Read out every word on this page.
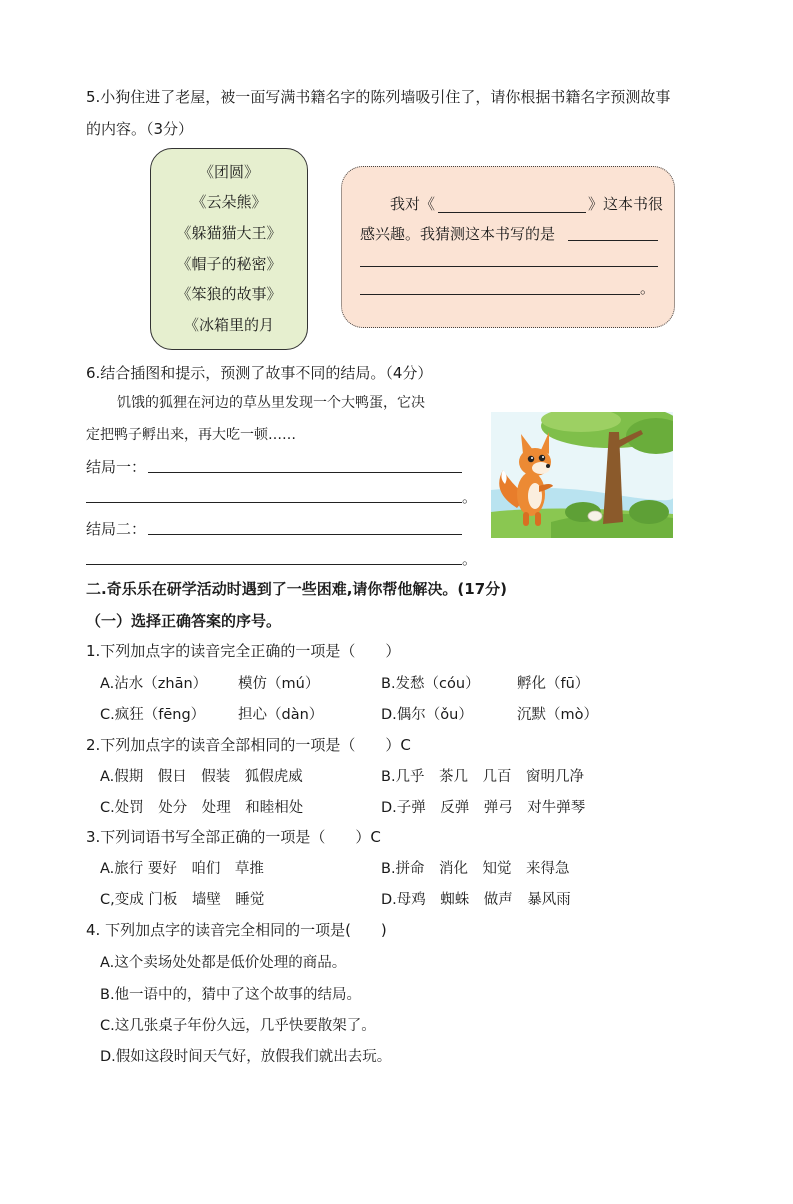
5.小狗住进了老屋，被一面写满书籍名字的陈列墙吸引住了，请你根据书籍名字预测故事
的内容。（3分）
《团圆》
《云朵熊》
《躲猫猫大王》
《帽子的秘密》
《笨狼的故事》
《冰箱里的月
我对《	》这本书很
感兴趣。我猜测这本书写的是
。
6.结合插图和提示，预测了故事不同的结局。（4分）
饥饿的狐狸在河边的草丛里发现一个大鸭蛋，它决
定把鸭子孵出来，再大吃一顿……
结局一：
。
结局二：
。
二.奇乐乐在研学活动时遇到了一些困难,请你帮他解决。(17分)
（一）选择正确答案的序号。
1.下列加点字的读音完全正确的一项是（　　）
A.沾水（zhān） 模仿（mú）	B.发愁（cóu）	孵化（fū）
C.疯狂（fēng） 担心（dàn）	D.偶尔（ǒu）	沉默（mò）
2.下列加点字的读音全部相同的一项是（　　）C
A.假期　假日　假装　狐假虎威	B.几乎　茶几　几百　窗明几净
C.处罚　处分　处理　和睦相处	D.子弹　反弹　弹弓　对牛弹琴
3.下列词语书写全部正确的一项是（　　）C
A.旅行 要好　咱们　草推	B.拼命　消化　知觉　来得急
C,变成 门板　墙壁　睡觉	D.母鸡　蜘蛛　做声　暴风雨
4. 下列加点字的读音完全相同的一项是(　　)
A.这个卖场处处都是低价处理的商品。
B.他一语中的，猜中了这个故事的结局。
C.这几张桌子年份久远，几乎快要散架了。
D.假如这段时间天气好，放假我们就出去玩。
